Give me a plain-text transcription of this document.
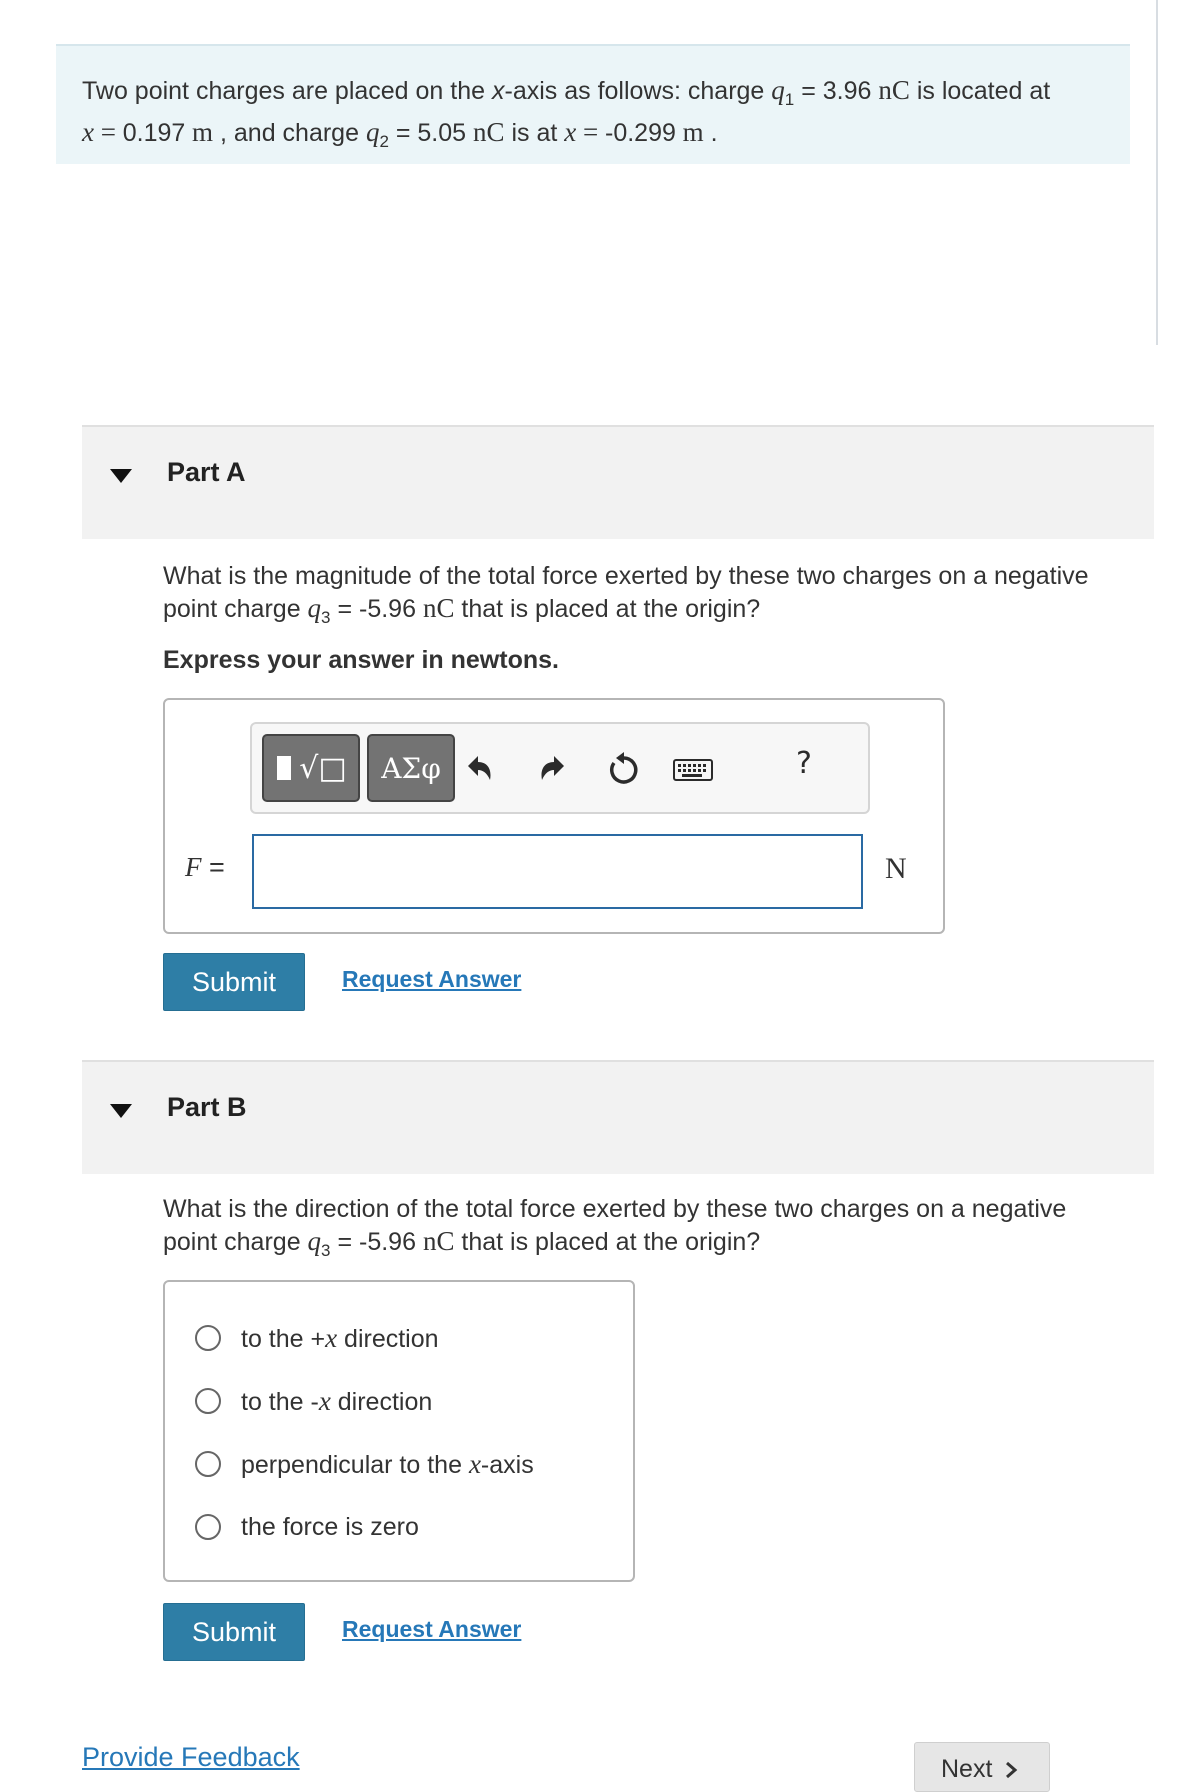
Two point charges are placed on the x-axis as follows: charge $q_1 = 3.96$ nC is located at
x = 0.197 m , and charge $q_2 = 5.05$ nC is at x = -0.299 m .
Part A
What is the magnitude of the total force exerted by these two charges on a negative
point charge $q_3 = -5.96$ nC that is placed at the origin?
Express your answer in newtons.
√□	ΑΣφ	?
F =	N
Submit	Request Answer
Part B
What is the direction of the total force exerted by these two charges on a negative
point charge $q_3 = -5.96$ nC that is placed at the origin?
to the +x direction
to the -x direction
perpendicular to the x-axis
the force is zero
Submit	Request Answer
Provide Feedback	Next
